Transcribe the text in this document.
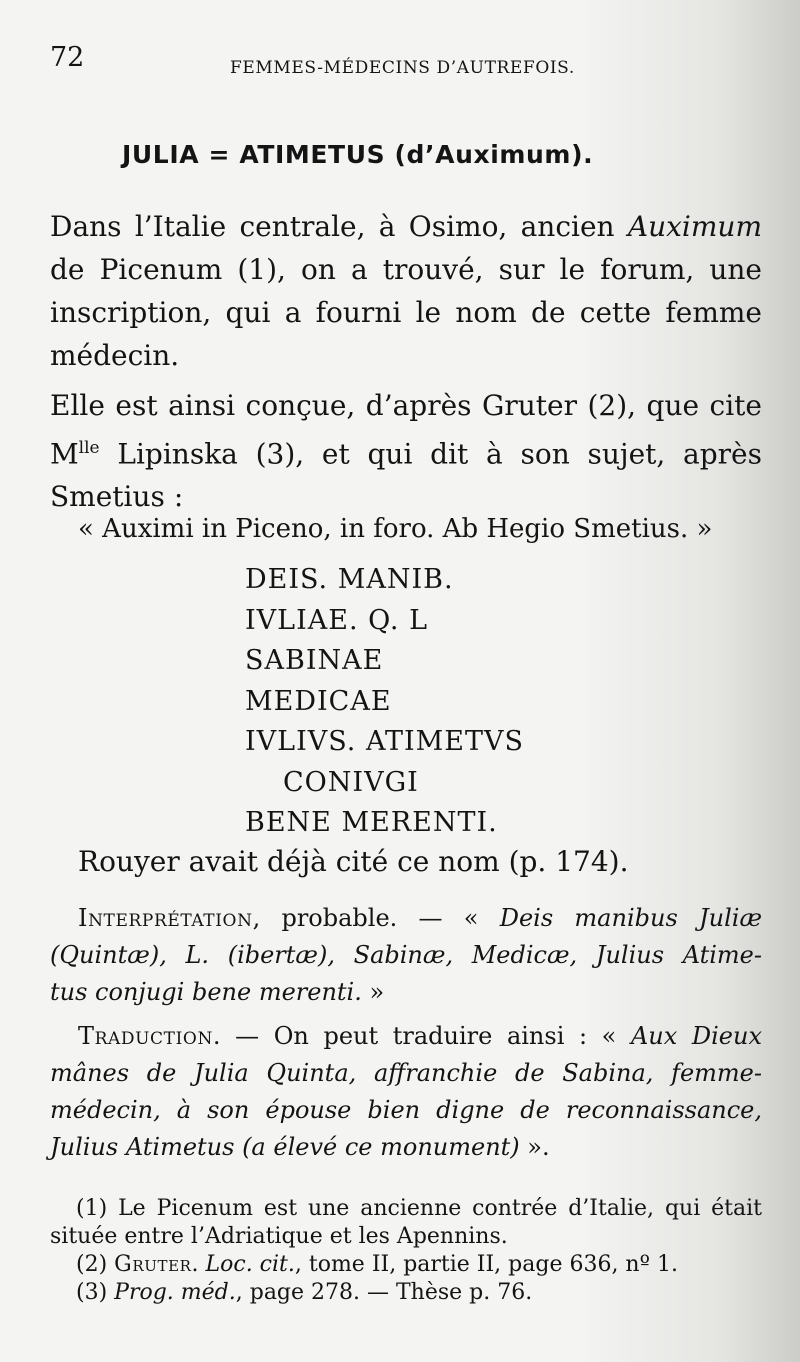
72	FEMMES-MÉDECINS D’AUTREFOIS.
JULIA = ATIMETUS (d’Auximum).
Dans l’Italie centrale, à Osimo, ancien Auximum
de Picenum (1), on a trouvé, sur le forum, une
inscription, qui a fourni le nom de cette femme
médecin.
Elle est ainsi conçue, d’après Gruter (2), que cite
$M^{lle}$ Lipinska (3), et qui dit à son sujet, après
Smetius :
« Auximi in Piceno, in foro. Ab Hegio Smetius. »
DEIS. MANIB.
IVLIAE. Q. L
SABINAE
MEDICAE
IVLIVS. ATIMETVS
CONIVGI
BENE MERENTI.
Rouyer avait déjà cité ce nom (p. 174).
Interprétation, probable. — « Deis manibus Juliæ
(Quintæ), L. (ibertæ), Sabinæ, Medicæ, Julius Atime-
tus conjugi bene merenti. »
Traduction. — On peut traduire ainsi : « Aux Dieux
mânes de Julia Quinta, affranchie de Sabina, femme-
médecin, à son épouse bien digne de reconnaissance,
Julius Atimetus (a élevé ce monument) ».
(1) Le Picenum est une ancienne contrée d’Italie, qui était
située entre l’Adriatique et les Apennins.
(2) Gruter. Loc. cit., tome II, partie II, page 636, nº 1.
(3) Prog. méd., page 278. — Thèse p. 76.
